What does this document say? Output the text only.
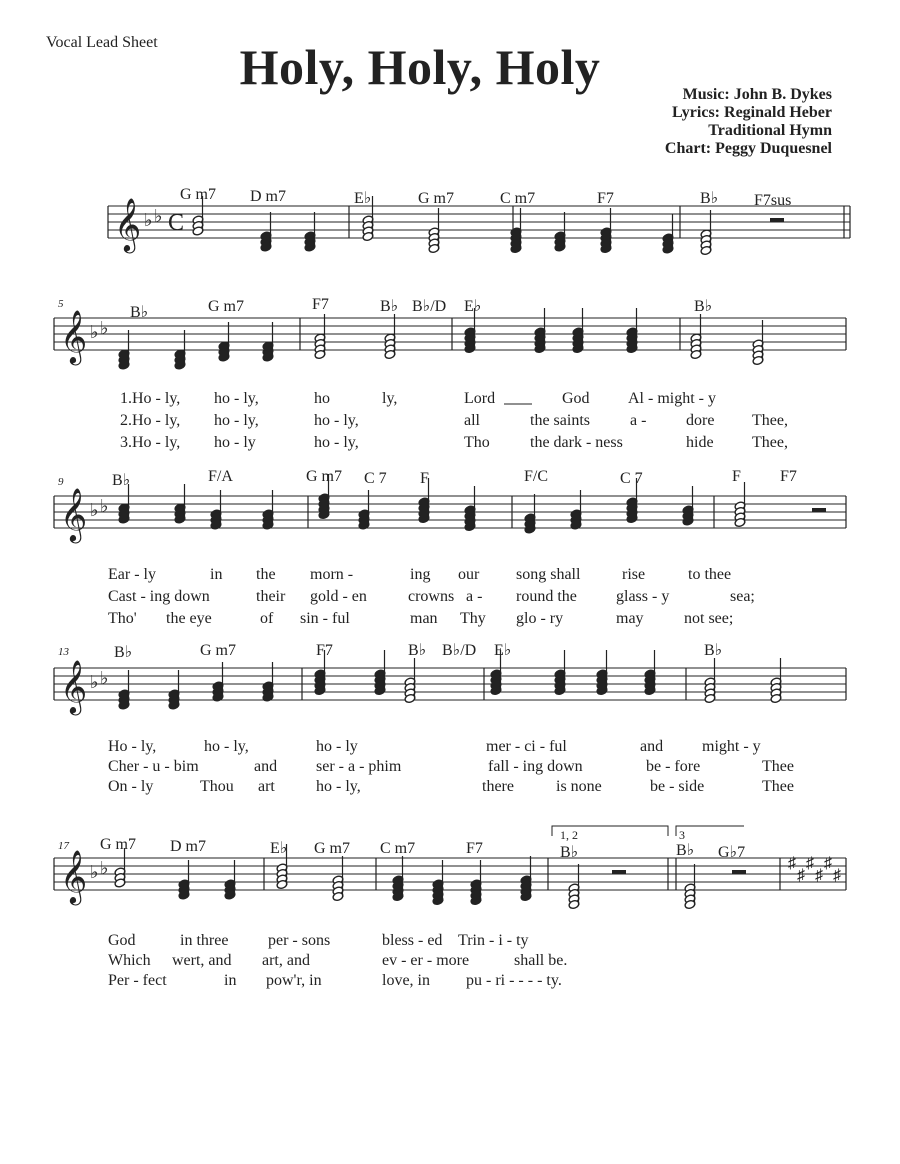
Vocal Lead Sheet	Holy, Holy, Holy	Music: John B. Dykes
Lyrics: Reginald Heber
Traditional Hymn
Chart: Peggy Duquesnel
G m7 D m7	E♭	G m7	C m7	F7	B♭ F7sus
5	B♭	G m7	F7	B♭ B♭/D E♭	B♭
1.Ho - ly, ho - ly,	ho	ly,	Lord	God Al - might - y
2.Ho - ly, ho - ly,	ho - ly,	all	the saints	a - dore Thee,
3.Ho - ly, ho - ly	ho - ly,	Tho	the dark - ness	hide Thee,
9	B♭	F/A	G m7 C 7 F	F/C	C 7	F F7
Ear - ly	in the morn -	ing our song shall	rise	to thee
Cast - ing down	their gold - en	crowns a - round the glass - y	sea;
Tho' the eye	of sin - ful	man Thy glo - ry	may	not see;
13	B♭	G m7	F7	B♭ B♭/D E♭	B♭
Ho - ly,	ho - ly,	ho - ly	mer - ci - ful	and might - y
Cher - u - bim	and ser - a - phim	fall - ing down	be - fore	Thee
On - ly	Thou art	ho - ly,	there	is none	be - side	Thee
17 G m7 D m7	E♭ G m7 C m7	F7	B♭	B♭ G♭7
1, 2	3
God	in three per - sons	bless - ed Trin - i - ty
Which wert, and art, and	ev - er - more	shall be.
Per - fect	in pow'r, in	love, in pu - ri - - - - ty.
𝄞 ♭ ♭ C
𝄞 ♭ ♭
𝄞 ♭ ♭
𝄞 ♭ ♭
𝄞 ♭ ♭	♯
♯
♯
♯
♯
♯
